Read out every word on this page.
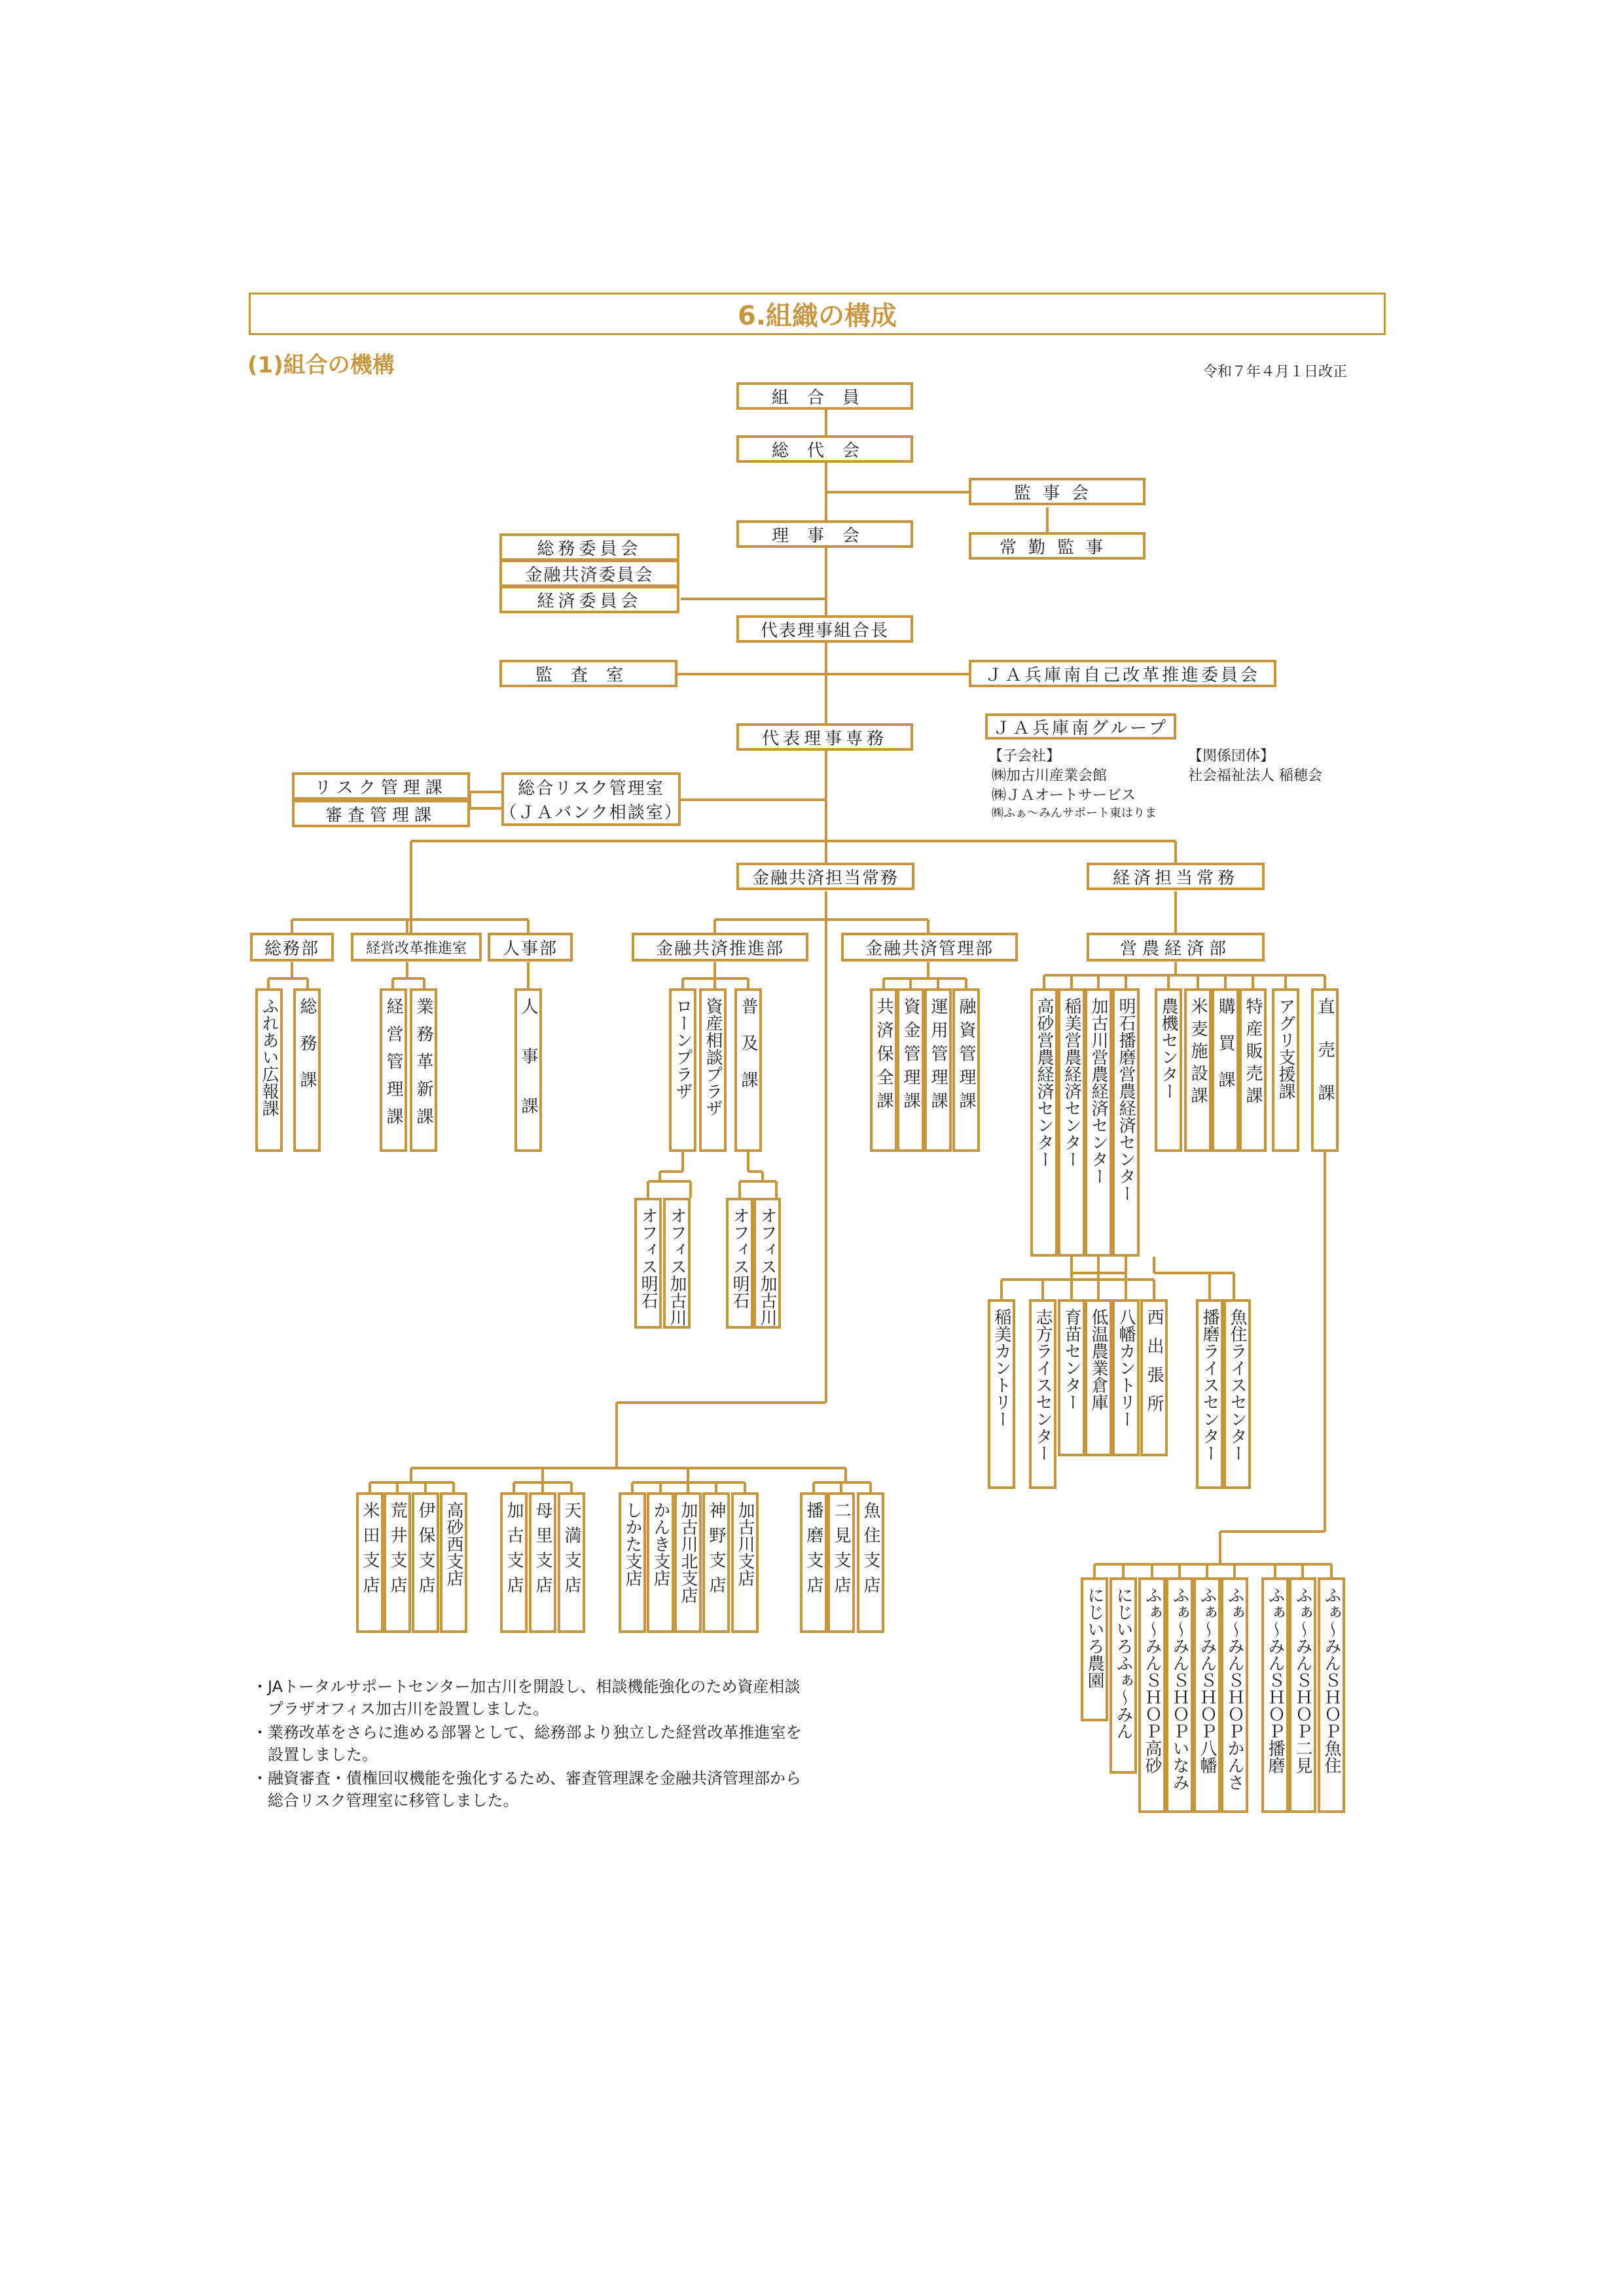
6.組織の構成
(1)組合の機構	令和７年４月１日改正
組合員
総代会
監事会
常勤監事
理事会
総務委員会
金融共済委員会
経済委員会
代表理事組合長
監査室	ＪＡ兵庫南自己改革推進委員会
代表理事専務
リスク管理課
審査管理課
総合リスク管理室
（ＪＡバンク相談室）
ＪＡ兵庫南グループ
【子会社】
㈱加古川産業会館
㈱ＪＡオートサービス
㈱ふぁ〜みんサポート東はりま
【関係団体】
社会福祉法人 稲穂会
金融共済担当常務	経済担当常務
総務部	経営改革推進室	人事部	金融共済推進部	金融共済管理部	営農経済部
ふれあい広報課 総務課	経営管理課 業務革新課	人事課	ローンプラザ 資産相談プラザ 普及課	共済保全課 資金管理課 運用管理課 融資管理課	高砂営農経済センター 稲美営農経済センター 加古川営農経済センター 明石播磨営農経済センター 農機センター 米麦施設課 購買課 特産販売課 アグリ支援課 直売課
オフィス明石 オフィス加古川	オフィス明石 オフィス加古川
稲美カントリー 志方ライスセンター 育苗センター 低温農業倉庫 八幡カントリー 西出張所 播磨ライスセンター 魚住ライスセンター
米田支店 荒井支店 伊保支店 高砂西支店 加古支店 母里支店 天満支店 しかた支店 かんき支店 加古川北支店 神野支店 加古川支店	播磨支店 二見支店 魚住支店
にじいろ農園 にじいろふぁ〜みん ふぁ〜みんＳＨＯＰ高砂 ふぁ〜みんＳＨＯＰいなみ ふぁ〜みんＳＨＯＰ八幡 ふぁ〜みんＳＨＯＰかんさ ふぁ〜みんＳＨＯＰ播磨 ふぁ〜みんＳＨＯＰ二見 ふぁ〜みんＳＨＯＰ魚住
・JAトータルサポートセンター加古川を開設し、相談機能強化のため資産相談
　プラザオフィス加古川を設置しました。
・業務改革をさらに進める部署として、総務部より独立した経営改革推進室を
　設置しました。
・融資審査・債権回収機能を強化するため、審査管理課を金融共済管理部から
　総合リスク管理室に移管しました。
